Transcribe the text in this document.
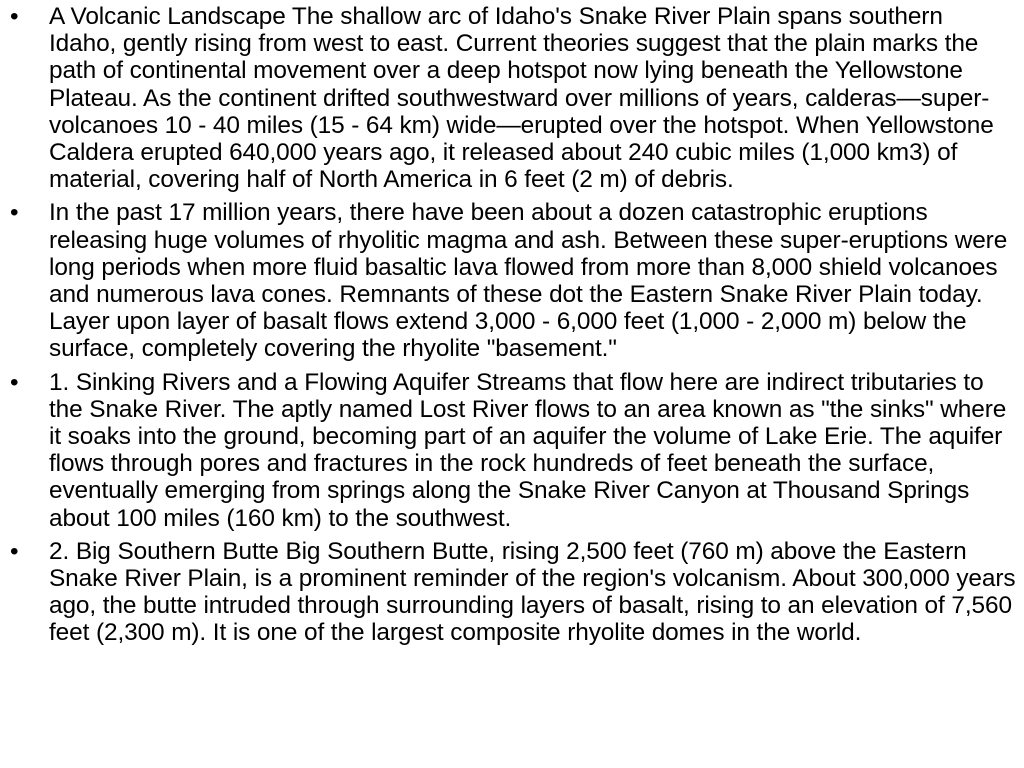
•	A Volcanic Landscape The shallow arc of Idaho's Snake River Plain spans southern Idaho, gently rising from west to east. Current theories suggest that the plain marks the path of continental movement over a deep hotspot now lying beneath the Yellowstone Plateau. As the continent drifted southwestward over millions of years, calderas—super-volcanoes 10 - 40 miles (15 - 64 km) wide—erupted over the hotspot. When Yellowstone Caldera erupted 640,000 years ago, it released about 240 cubic miles (1,000 km3) of material, covering half of North America in 6 feet (2 m) of debris.
•	In the past 17 million years, there have been about a dozen catastrophic eruptions releasing huge volumes of rhyolitic magma and ash. Between these super-eruptions were long periods when more fluid basaltic lava flowed from more than 8,000 shield volcanoes and numerous lava cones. Remnants of these dot the Eastern Snake River Plain today. Layer upon layer of basalt flows extend 3,000 - 6,000 feet (1,000 - 2,000 m) below the surface, completely covering the rhyolite "basement."
•	1. Sinking Rivers and a Flowing Aquifer Streams that flow here are indirect tributaries to the Snake River. The aptly named Lost River flows to an area known as "the sinks" where it soaks into the ground, becoming part of an aquifer the volume of Lake Erie. The aquifer flows through pores and fractures in the rock hundreds of feet beneath the surface, eventually emerging from springs along the Snake River Canyon at Thousand Springs about 100 miles (160 km) to the southwest.
•	2. Big Southern Butte Big Southern Butte, rising 2,500 feet (760 m) above the Eastern Snake River Plain, is a prominent reminder of the region's volcanism. About 300,000 years ago, the butte intruded through surrounding layers of basalt, rising to an elevation of 7,560 feet (2,300 m). It is one of the largest composite rhyolite domes in the world.
